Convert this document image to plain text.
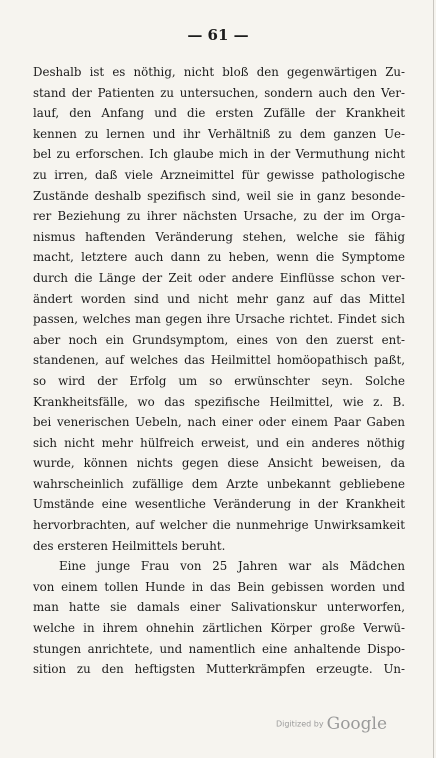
— 61 —
Deshalb ist es nöthig, nicht bloß den gegenwärtigen Zu-
stand der Patienten zu untersuchen, sondern auch den Ver-
lauf, den Anfang und die ersten Zufälle der Krankheit
kennen zu lernen und ihr Verhältniß zu dem ganzen Ue-
bel zu erforschen. Ich glaube mich in der Vermuthung nicht
zu irren, daß viele Arzneimittel für gewisse pathologische
Zustände deshalb spezifisch sind, weil sie in ganz besonde-
rer Beziehung zu ihrer nächsten Ursache, zu der im Orga-
nismus haftenden Veränderung stehen, welche sie fähig
macht, letztere auch dann zu heben, wenn die Symptome
durch die Länge der Zeit oder andere Einflüsse schon ver-
ändert worden sind und nicht mehr ganz auf das Mittel
passen, welches man gegen ihre Ursache richtet. Findet sich
aber noch ein Grundsymptom, eines von den zuerst ent-
standenen, auf welches das Heilmittel homöopathisch paßt,
so wird der Erfolg um so erwünschter seyn. Solche
Krankheitsfälle, wo das spezifische Heilmittel, wie z. B.
bei venerischen Uebeln, nach einer oder einem Paar Gaben
sich nicht mehr hülfreich erweist, und ein anderes nöthig
wurde, können nichts gegen diese Ansicht beweisen, da
wahrscheinlich zufällige dem Arzte unbekannt gebliebene
Umstände eine wesentliche Veränderung in der Krankheit
hervorbrachten, auf welcher die nunmehrige Unwirksamkeit
des ersteren Heilmittels beruht.
Eine junge Frau von 25 Jahren war als Mädchen
von einem tollen Hunde in das Bein gebissen worden und
man hatte sie damals einer Salivationskur unterworfen,
welche in ihrem ohnehin zärtlichen Körper große Verwü-
stungen anrichtete, und namentlich eine anhaltende Dispo-
sition zu den heftigsten Mutterkrämpfen erzeugte. Un-
Digitized by Google
